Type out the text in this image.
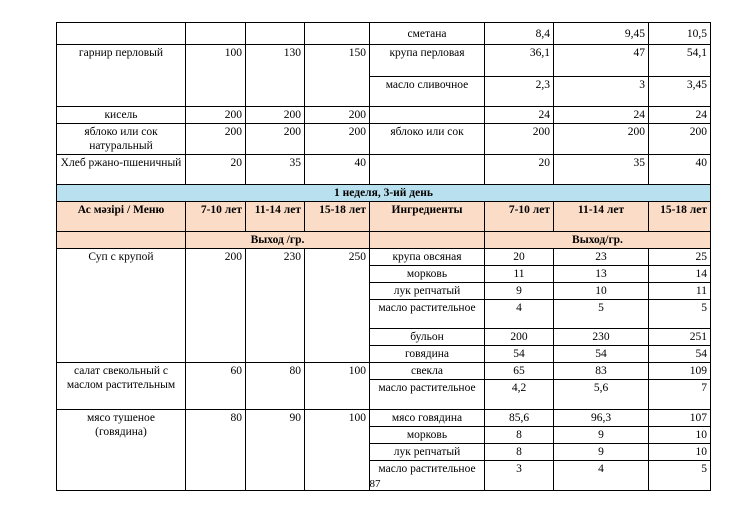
				сметана	8,4	9,45	10,5
гарнир перловый	100	130	150	крупа перловая	36,1	47	54,1
				масло сливочное	2,3	3	3,45
кисель	200	200	200		24	24	24
яблоко или сок натуральный	200	200	200	яблоко или сок	200	200	200
Хлеб ржано-пшеничный	20	35	40		20	35	40
1 неделя, 3-ий день							
Ас мәзірі / Меню	7-10 лет	11-14 лет	15-18 лет	Ингредиенты	7-10 лет	11-14 лет	15-18 лет
	Выход /гр.				Выход/гр.		
Суп с крупой	200	230	250	крупа овсяная	20	23	25
				морковь	11	13	14
				лук репчатый	9	10	11
				масло растительное	4	5	5
				бульон	200	230	251
				говядина	54	54	54
салат свекольный с маслом растительным	60	80	100	свекла	65	83	109
				масло растительное	4,2	5,6	7
мясо тушеное (говядина)	80	90	100	мясо говядина	85,6	96,3	107
				морковь	8	9	10
				лук репчатый	8	9	10
				масло растительное	3	4	5
87
